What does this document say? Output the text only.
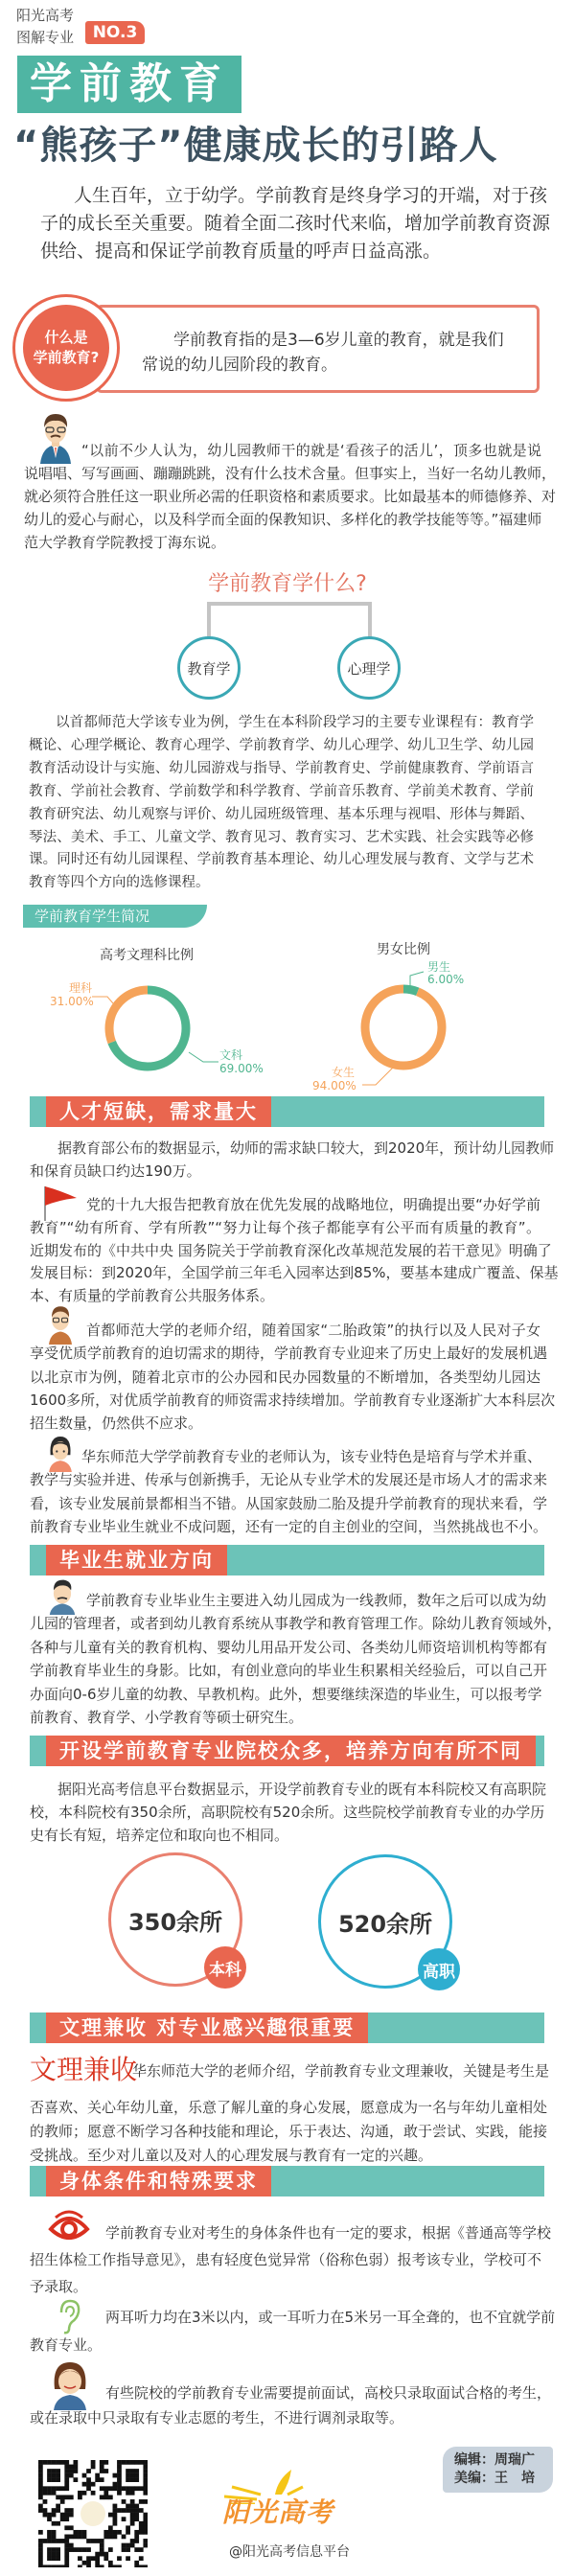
阳光高考
图解专业	NO.3
学前教育
“熊孩子”健康成长的引路人
人生百年，立于幼学。学前教育是终身学习的开端，对于孩
子的成长至关重要。随着全面二孩时代来临，增加学前教育资源
供给、提高和保证学前教育质量的呼声日益高涨。
什么是
学前教育?
学前教育指的是3—6岁儿童的教育，就是我们
常说的幼儿园阶段的教育。
“以前不少人认为，幼儿园教师干的就是‘看孩子的活儿’，顶多也就是说
说唱唱、写写画画、蹦蹦跳跳，没有什么技术含量。但事实上，当好一名幼儿教师，
就必须符合胜任这一职业所必需的任职资格和素质要求。比如最基本的师德修养、对
幼儿的爱心与耐心，以及科学而全面的保教知识、多样化的教学技能等等。”福建师
范大学教育学院教授丁海东说。
学前教育学什么?
教育学	心理学
以首都师范大学该专业为例，学生在本科阶段学习的主要专业课程有：教育学
概论、心理学概论、教育心理学、学前教育学、幼儿心理学、幼儿卫生学、幼儿园
教育活动设计与实施、幼儿园游戏与指导、学前教育史、学前健康教育、学前语言
教育、学前社会教育、学前数学和科学教育、学前音乐教育、学前美术教育、学前
教育研究法、幼儿观察与评价、幼儿园班级管理、基本乐理与视唱、形体与舞蹈、
琴法、美术、手工、儿童文学、教育见习、教育实习、艺术实践、社会实践等必修
课。同时还有幼儿园课程、学前教育基本理论、幼儿心理发展与教育、文学与艺术
教育等四个方向的选修课程。
学前教育学生简况
高考文理科比例	男女比例
理科
31.00%
文科
69.00%
男生
6.00%
女生
94.00%
人才短缺，需求量大
据教育部公布的数据显示，幼师的需求缺口较大，到2020年，预计幼儿园教师
和保育员缺口约达190万。
党的十九大报告把教育放在优先发展的战略地位，明确提出要“办好学前
教育”“幼有所育、学有所教”“努力让每个孩子都能享有公平而有质量的教育”。
近期发布的《中共中央 国务院关于学前教育深化改革规范发展的若干意见》明确了
发展目标：到2020年，全国学前三年毛入园率达到85%，要基本建成广覆盖、保基
本、有质量的学前教育公共服务体系。
首都师范大学的老师介绍，随着国家“二胎政策”的执行以及人民对子女
享受优质学前教育的迫切需求的期待，学前教育专业迎来了历史上最好的发展机遇
以北京市为例，随着北京市的公办园和民办园数量的不断增加，各类型幼儿园达
1600多所，对优质学前教育的师资需求持续增加。学前教育专业逐渐扩大本科层次
招生数量，仍然供不应求。
华东师范大学学前教育专业的老师认为，该专业特色是培育与学术并重、
教学与实验并进、传承与创新携手，无论从专业学术的发展还是市场人才的需求来
看，该专业发展前景都相当不错。从国家鼓励二胎及提升学前教育的现状来看，学
前教育专业毕业生就业不成问题，还有一定的自主创业的空间，当然挑战也不小。
毕业生就业方向
学前教育专业毕业生主要进入幼儿园成为一线教师，数年之后可以成为幼
儿园的管理者，或者到幼儿教育系统从事教学和教育管理工作。除幼儿教育领域外，
各种与儿童有关的教育机构、婴幼儿用品开发公司、各类幼儿师资培训机构等都有
学前教育毕业生的身影。比如，有创业意向的毕业生积累相关经验后，可以自己开
办面向0-6岁儿童的幼教、早教机构。此外，想要继续深造的毕业生，可以报考学
前教育、教育学、小学教育等硕士研究生。
开设学前教育专业院校众多，培养方向有所不同
据阳光高考信息平台数据显示，开设学前教育专业的既有本科院校又有高职院
校，本科院校有350余所，高职院校有520余所。这些院校学前教育专业的办学历
史有长有短，培养定位和取向也不相同。
350余所
本科
520余所
高职
文理兼收 对专业感兴趣很重要
文理兼收
华东师范大学的老师介绍，学前教育专业文理兼收，关键是考生是
否喜欢、关心年幼儿童，乐意了解儿童的身心发展，愿意成为一名与年幼儿童相处
的教师；愿意不断学习各种技能和理论，乐于表达、沟通，敢于尝试、实践，能接
受挑战。至少对儿童以及对人的心理发展与教育有一定的兴趣。
身体条件和特殊要求
学前教育专业对考生的身体条件也有一定的要求，根据《普通高等学校
招生体检工作指导意见》，患有轻度色觉异常（俗称色弱）报考该专业，学校可不
予录取。
两耳听力均在3米以内，或一耳听力在5米另一耳全聋的，也不宜就学前
教育专业。
有些院校的学前教育专业需要提前面试，高校只录取面试合格的考生，
或在录取中只录取有专业志愿的考生，不进行调剂录取等。
阳光高考
@阳光高考信息平台
编辑：周瑞广
美编：王　培
